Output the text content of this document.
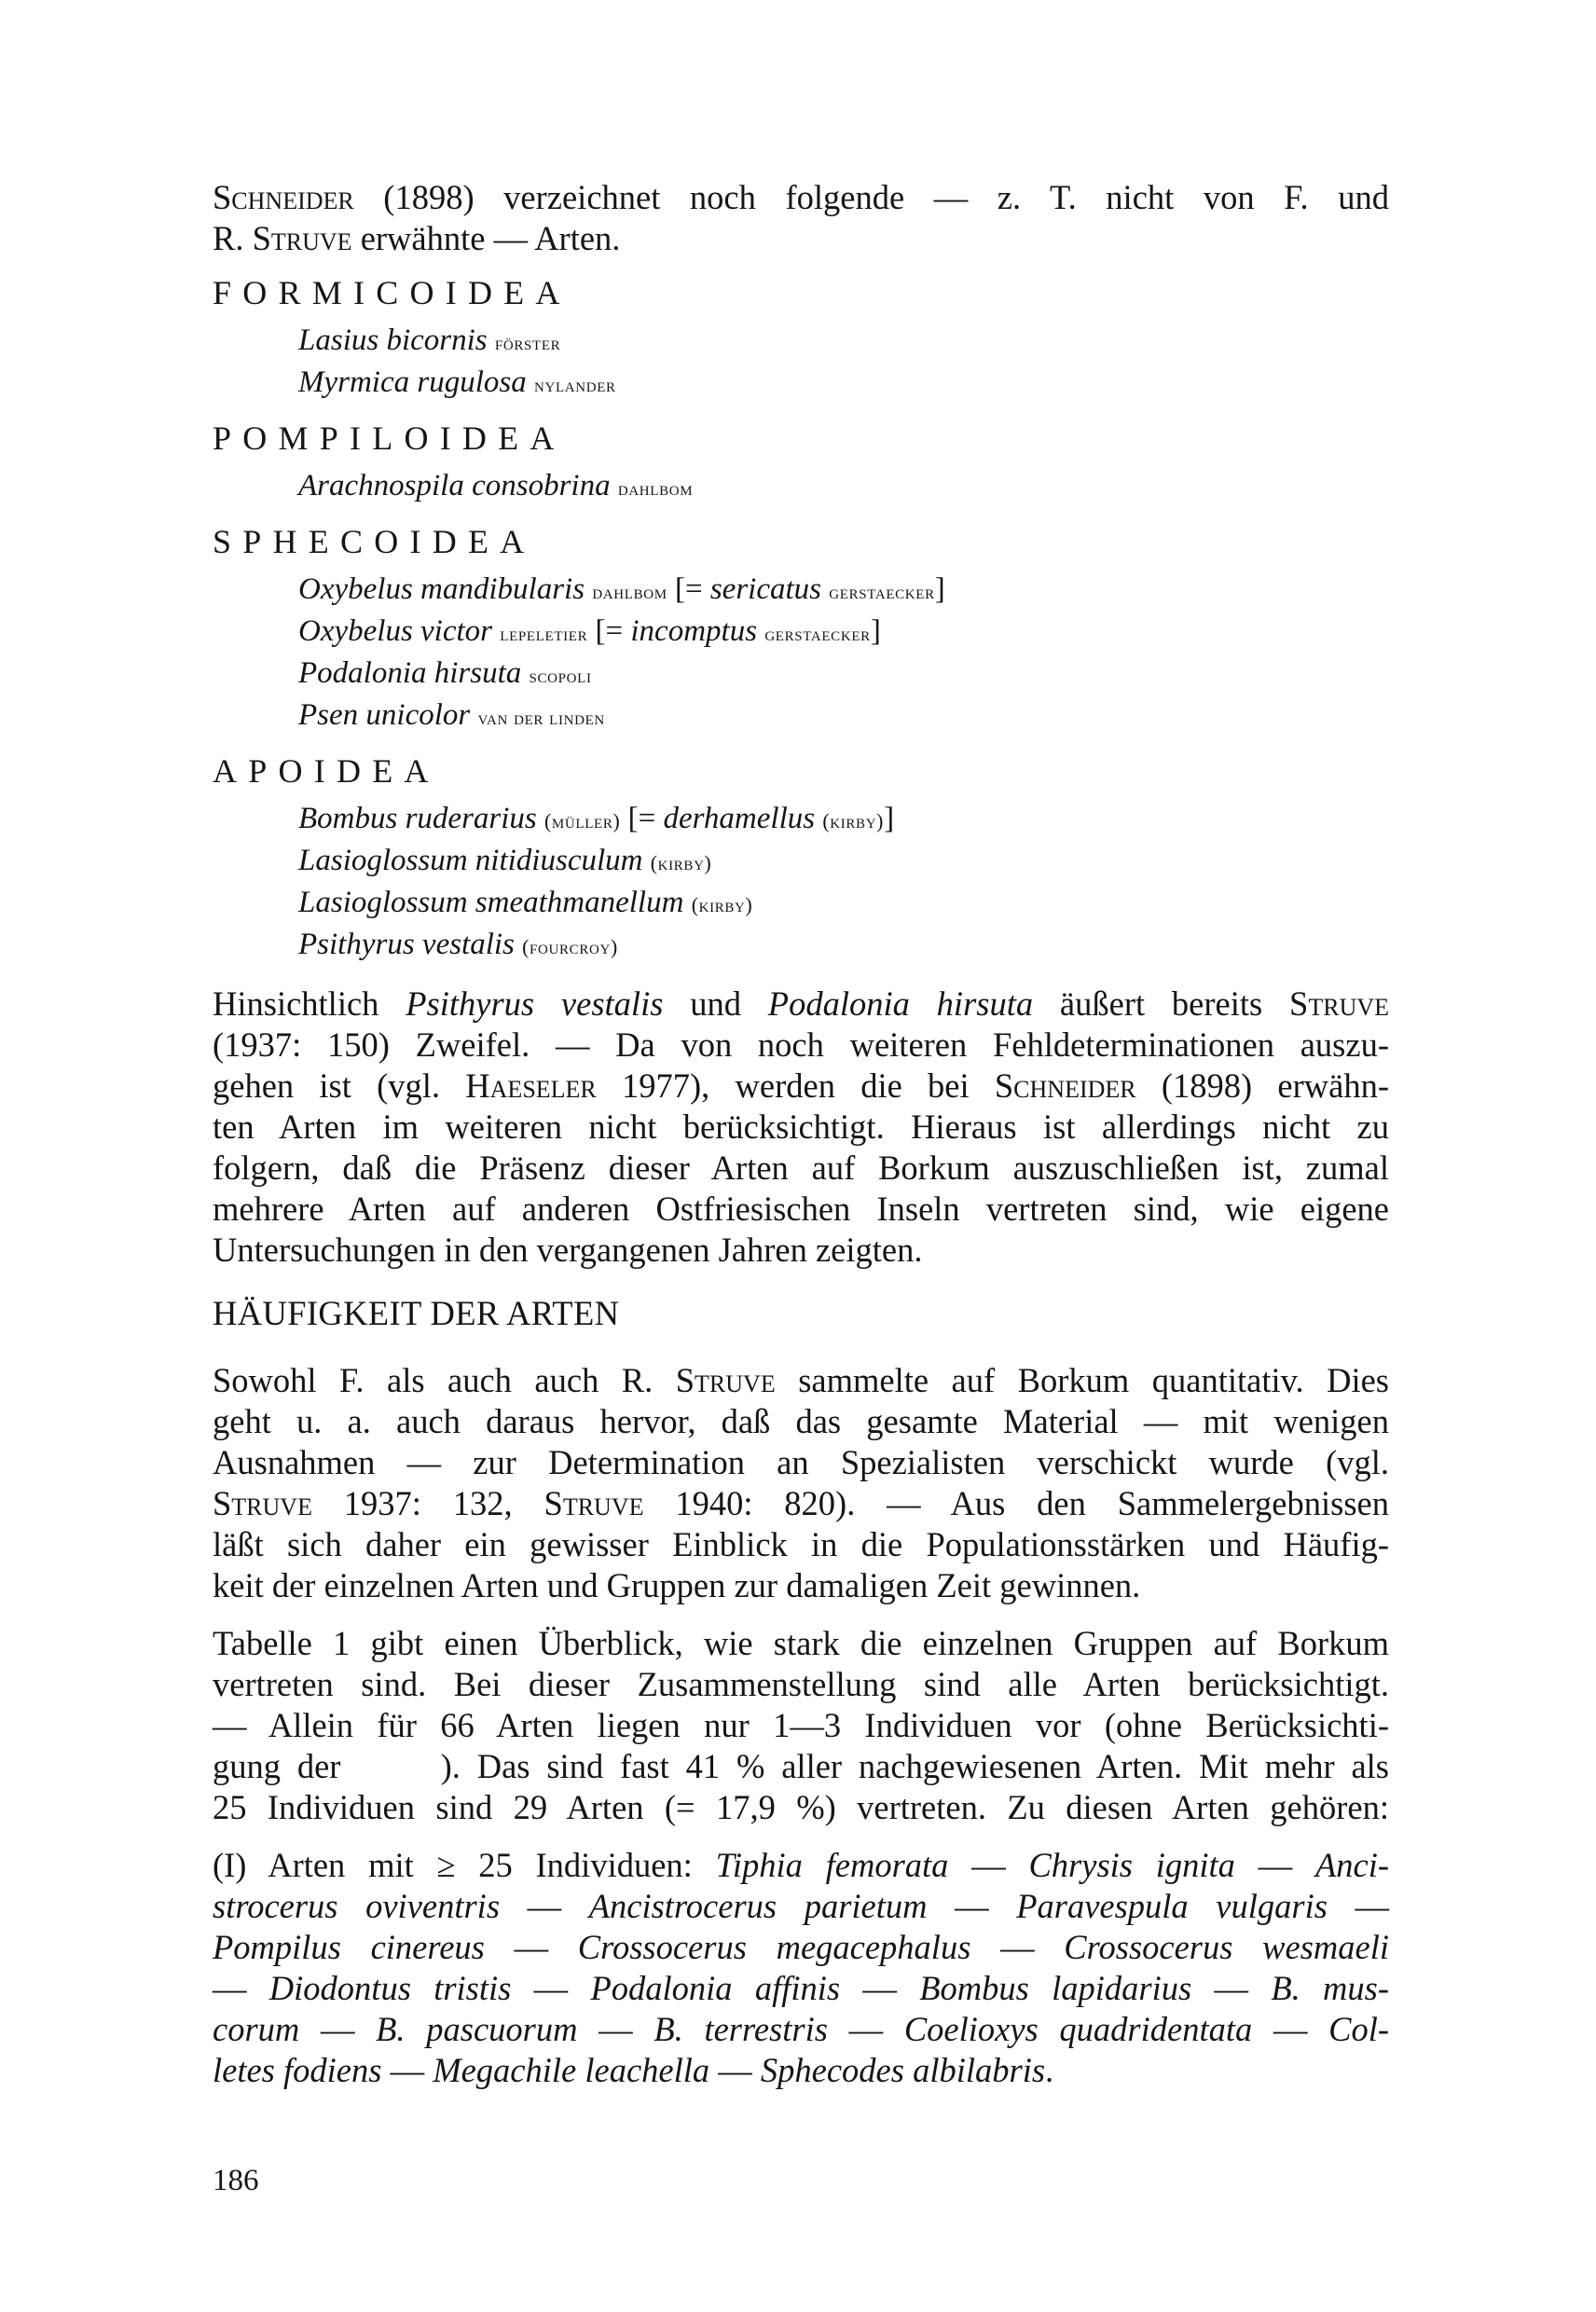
Schneider (1898) verzeichnet noch folgende — z. T. nicht von F. und
R. Struve erwähnte — Arten.

FORMICOIDEA
Lasius bicornis förster
Myrmica rugulosa nylander
POMPILOIDEA
Arachnospila consobrina dahlbom
SPHECOIDEA
Oxybelus mandibularis dahlbom [= sericatus gerstaecker]
Oxybelus victor lepeletier [= incomptus gerstaecker]
Podalonia hirsuta scopoli
Psen unicolor van der linden
APOIDEA
Bombus ruderarius (müller) [= derhamellus (kirby)]
Lasioglossum nitidiusculum (kirby)
Lasioglossum smeathmanellum (kirby)
Psithyrus vestalis (fourcroy)

Hinsichtlich Psithyrus vestalis und Podalonia hirsuta äußert bereits Struve
(1937: 150) Zweifel. — Da von noch weiteren Fehldeterminationen auszu-
gehen ist (vgl. Haeseler 1977), werden die bei Schneider (1898) erwähn-
ten Arten im weiteren nicht berücksichtigt. Hieraus ist allerdings nicht zu
folgern, daß die Präsenz dieser Arten auf Borkum auszuschließen ist, zumal
mehrere Arten auf anderen Ostfriesischen Inseln vertreten sind, wie eigene
Untersuchungen in den vergangenen Jahren zeigten.

HÄUFIGKEIT DER ARTEN

Sowohl F. als auch auch R. Struve sammelte auf Borkum quantitativ. Dies
geht u. a. auch daraus hervor, daß das gesamte Material — mit wenigen
Ausnahmen — zur Determination an Spezialisten verschickt wurde (vgl.
Struve 1937: 132, Struve 1940: 820). — Aus den Sammelergebnissen
läßt sich daher ein gewisser Einblick in die Populationsstärken und Häufig-
keit der einzelnen Arten und Gruppen zur damaligen Zeit gewinnen.

Tabelle 1 gibt einen Überblick, wie stark die einzelnen Gruppen auf Borkum
vertreten sind. Bei dieser Zusammenstellung sind alle Arten berücksichtigt.
— Allein für 66 Arten liegen nur 1—3 Individuen vor (ohne Berücksichti-
gung der      ). Das sind fast 41 % aller nachgewiesenen Arten. Mit mehr als
25 Individuen sind 29 Arten (= 17,9 %) vertreten. Zu diesen Arten gehören:

(I) Arten mit ≥ 25 Individuen: Tiphia femorata — Chrysis ignita — Anci-
strocerus oviventris — Ancistrocerus parietum — Paravespula vulgaris —
Pompilus cinereus — Crossocerus megacephalus — Crossocerus wesmaeli
— Diodontus tristis — Podalonia affinis — Bombus lapidarius — B. mus-
corum — B. pascuorum — B. terrestris — Coelioxys quadridentata — Col-
letes fodiens — Megachile leachella — Sphecodes albilabris.

186
